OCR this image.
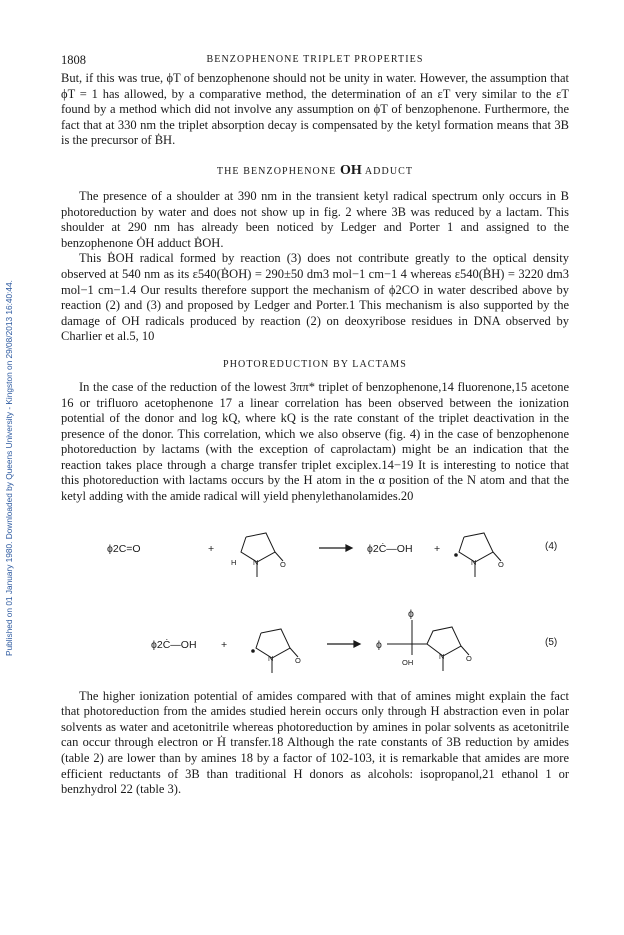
Published on 01 January 1980. Downloaded by Queens University - Kingston on 29/08/2013 16:40:44.
1808	BENZOPHENONE TRIPLET PROPERTIES

But, if this was true, ϕT of benzophenone should not be unity in water. However, the assumption that ϕT = 1 has allowed, by a comparative method, the determination of an εT very similar to the εT found by a method which did not involve any assumption on ϕT of benzophenone. Furthermore, the fact that at 330 nm the triplet absorption decay is compensated by the ketyl formation means that 3B is the precursor of ḂH.

THE BENZOPHENONE OH ADDUCT

The presence of a shoulder at 390 nm in the transient ketyl radical spectrum only occurs in B photoreduction by water and does not show up in fig. 2 where 3B was reduced by a lactam. This shoulder at 290 nm has already been noticed by Ledger and Porter 1 and assigned to the benzophenone ȮH adduct ḂOH.

This ḂOH radical formed by reaction (3) does not contribute greatly to the optical density observed at 540 nm as its ε540(ḂOH) = 290±50 dm3 mol−1 cm−1 4 whereas ε540(ḂH) = 3220 dm3 mol−1 cm−1.4 Our results therefore support the mechanism of ϕ2CO in water described above by reaction (2) and (3) and proposed by Ledger and Porter.1 This mechanism is also supported by the damage of OH radicals produced by reaction (2) on deoxyribose residues in DNA observed by Charlier et al.5, 10

PHOTOREDUCTION BY LACTAMS

In the case of the reduction of the lowest 3ππ* triplet of benzophenone,14 fluorenone,15 acetone 16 or trifluoro acetophenone 17 a linear correlation has been observed between the ionization potential of the donor and log kQ, where kQ is the rate constant of the triplet deactivation in the presence of the donor. This correlation, which we also observe (fig. 4) in the case of benzophenone photoreduction by lactams (with the exception of caprolactam) might be an indication that the reaction takes place through a charge transfer triplet exciplex.14−19 It is interesting to notice that this photoreduction with lactams occurs by the H atom in the α position of the N atom and that the ketyl adding with the amide radical will yield phenylethanolamides.20

ϕ2C=O	+
H N	O
ϕ2Ċ—OH +
N	O
(4)
ϕ2Ċ—OH +
N	O
ϕ
ϕ
OH
N	O
(5)

The higher ionization potential of amides compared with that of amines might explain the fact that photoreduction from the amides studied herein occurs only through H abstraction even in polar solvents as water and acetonitrile whereas photoreduction by amines in polar solvents as acetonitrile can occur through electron or Ḣ transfer.18 Although the rate constants of 3B reduction by amides (table 2) are lower than by amines 18 by a factor of 102-103, it is remarkable that amides are more efficient reductants of 3B than traditional H donors as alcohols: isopropanol,21 ethanol 1 or benzhydrol 22 (table 3).
